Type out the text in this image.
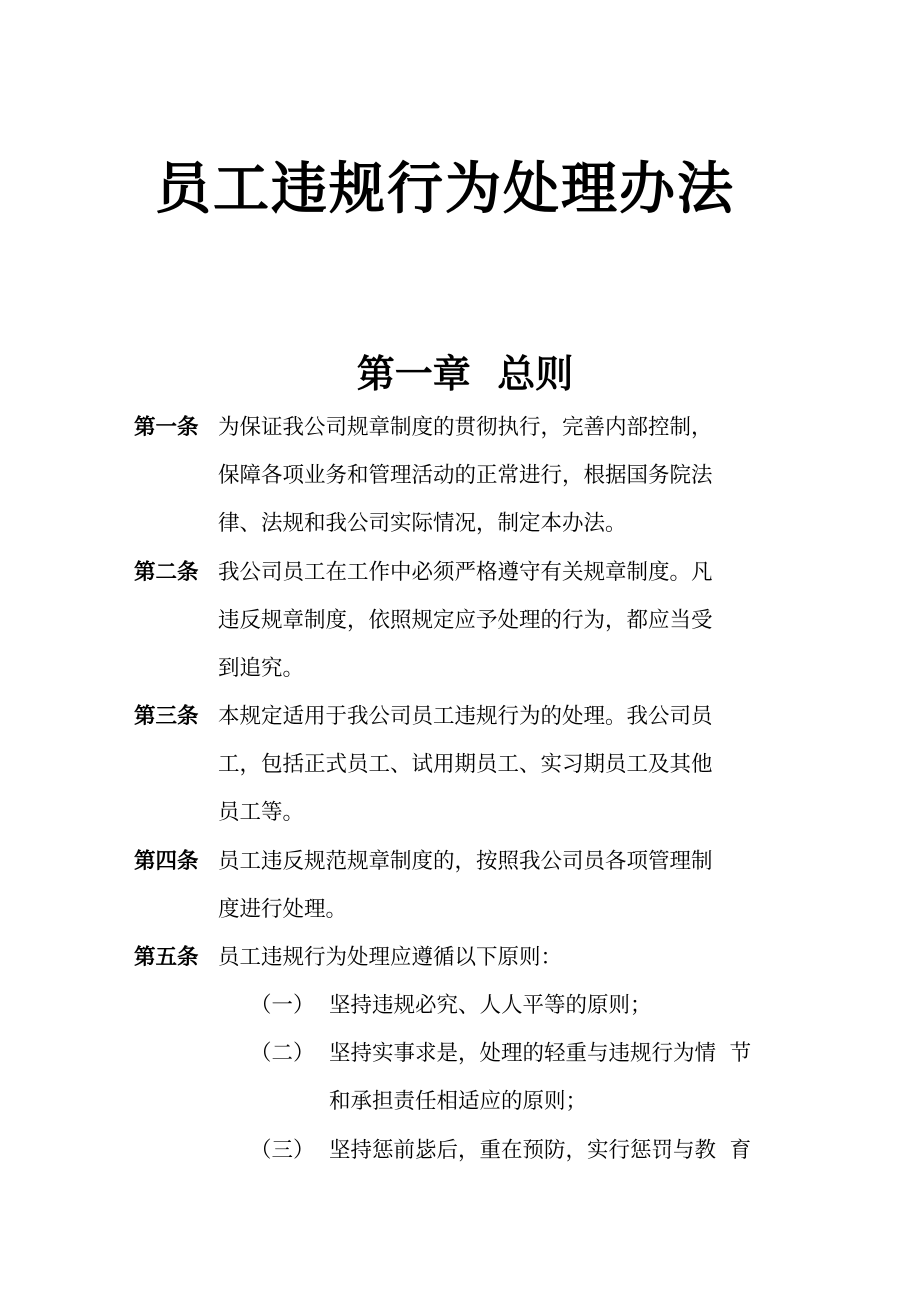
员工违规行为处理办法
第一章  总则
第一条 为保证我公司规章制度的贯彻执行，完善内部控制，
保障各项业务和管理活动的正常进行，根据国务院法
律、法规和我公司实际情况，制定本办法。
第二条 我公司员工在工作中必须严格遵守有关规章制度。凡
违反规章制度，依照规定应予处理的行为，都应当受
到追究。
第三条 本规定适用于我公司员工违规行为的处理。我公司员
工，包括正式员工、试用期员工、实习期员工及其他
员工等。
第四条 员工违反规范规章制度的，按照我公司员各项管理制
度进行处理。
第五条 员工违规行为处理应遵循以下原则：
（一） 坚持违规必究、人人平等的原则；
（二） 坚持实事求是，处理的轻重与违规行为情  节
和承担责任相适应的原则；
（三） 坚持惩前毖后，重在预防，实行惩罚与教  育
